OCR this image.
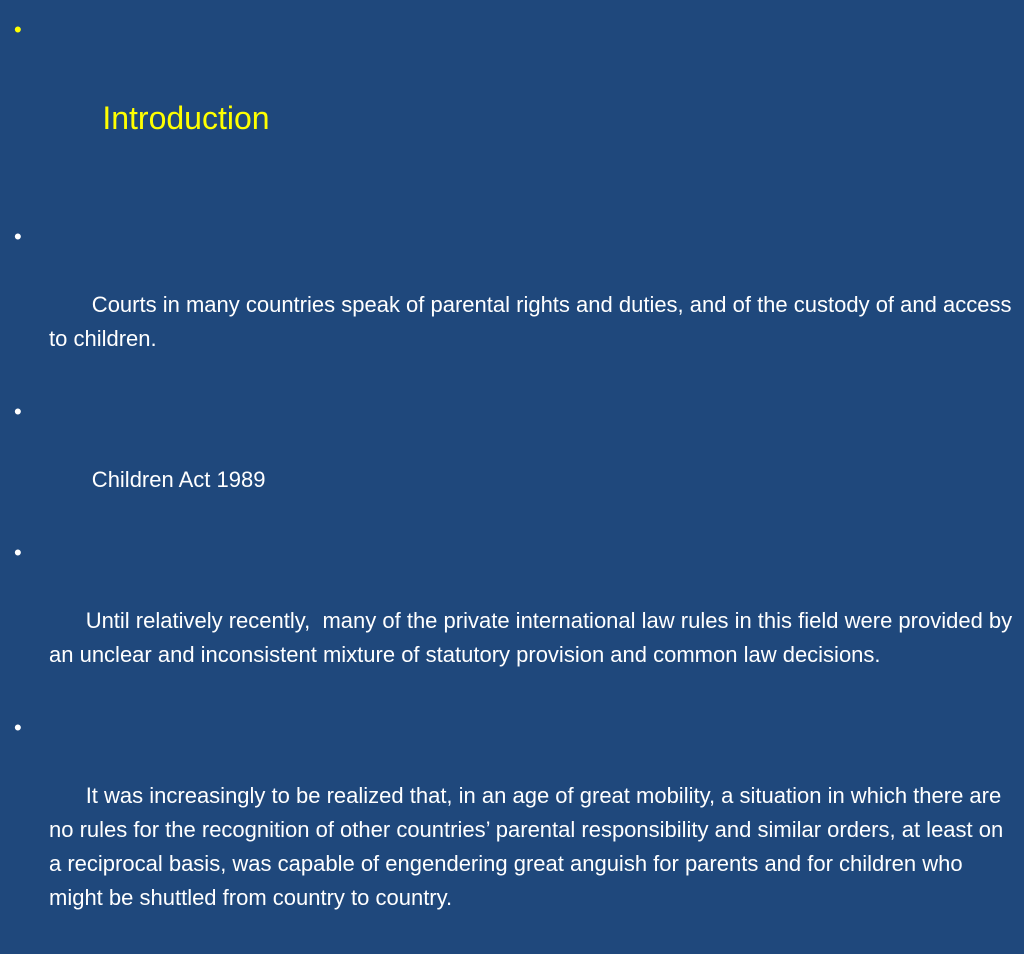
•

Introduction

•

Courts in many countries speak of parental rights and duties, and of the custody of and access to children.

•

Children Act 1989

•

Until relatively recently,  many of the private international law rules in this field were provided by an unclear and inconsistent mixture of statutory provision and common law decisions.

•

It was increasingly to be realized that, in an age of great mobility, a situation in which there are no rules for the recognition of other countries’ parental responsibility and similar orders, at least on a reciprocal basis, was capable of engendering great anguish for parents and for children who might be shuttled from country to country.
